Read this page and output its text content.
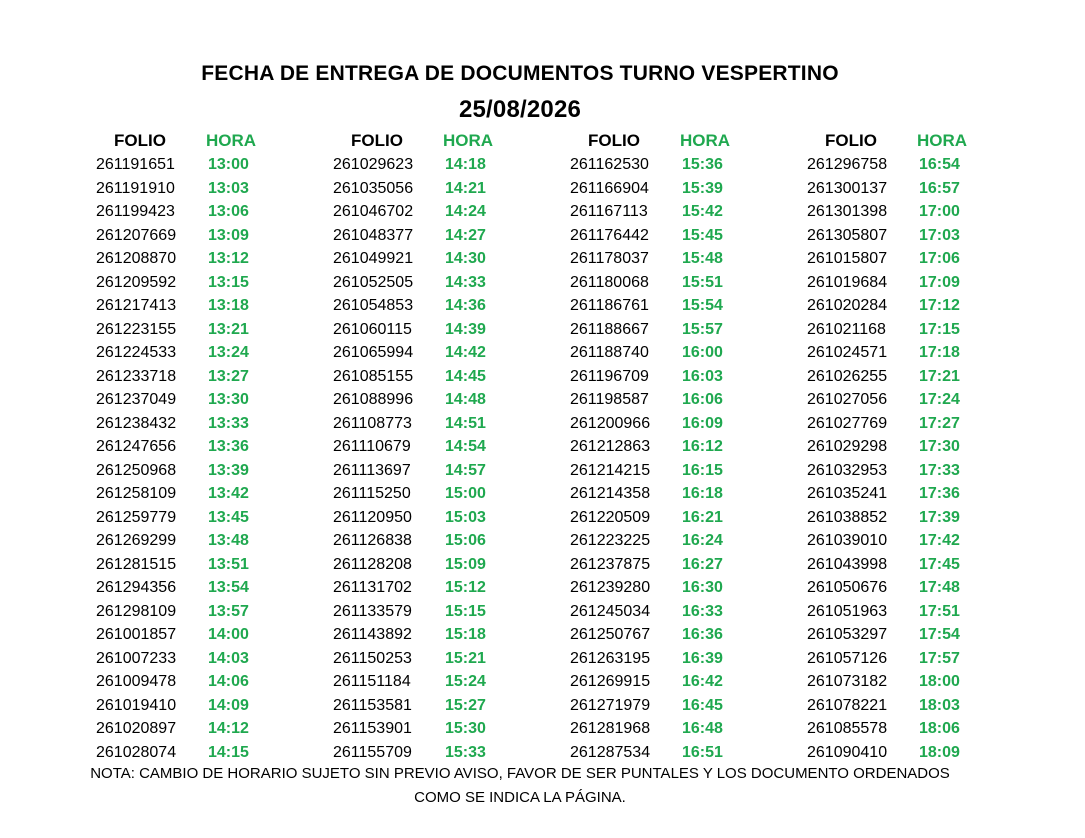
FECHA DE ENTREGA DE DOCUMENTOS TURNO VESPERTINO
25/08/2026
FOLIO HORA
261191651 13:00
261191910 13:03
261199423 13:06
261207669 13:09
261208870 13:12
261209592 13:15
261217413 13:18
261223155 13:21
261224533 13:24
261233718 13:27
261237049 13:30
261238432 13:33
261247656 13:36
261250968 13:39
261258109 13:42
261259779 13:45
261269299 13:48
261281515 13:51
261294356 13:54
261298109 13:57
261001857 14:00
261007233 14:03
261009478 14:06
261019410 14:09
261020897 14:12
261028074 14:15
FOLIO HORA
261029623 14:18
261035056 14:21
261046702 14:24
261048377 14:27
261049921 14:30
261052505 14:33
261054853 14:36
261060115 14:39
261065994 14:42
261085155 14:45
261088996 14:48
261108773 14:51
261110679 14:54
261113697 14:57
261115250 15:00
261120950 15:03
261126838 15:06
261128208 15:09
261131702 15:12
261133579 15:15
261143892 15:18
261150253 15:21
261151184 15:24
261153581 15:27
261153901 15:30
261155709 15:33
FOLIO HORA
261162530 15:36
261166904 15:39
261167113 15:42
261176442 15:45
261178037 15:48
261180068 15:51
261186761 15:54
261188667 15:57
261188740 16:00
261196709 16:03
261198587 16:06
261200966 16:09
261212863 16:12
261214215 16:15
261214358 16:18
261220509 16:21
261223225 16:24
261237875 16:27
261239280 16:30
261245034 16:33
261250767 16:36
261263195 16:39
261269915 16:42
261271979 16:45
261281968 16:48
261287534 16:51
FOLIO HORA
261296758 16:54
261300137 16:57
261301398 17:00
261305807 17:03
261015807 17:06
261019684 17:09
261020284 17:12
261021168 17:15
261024571 17:18
261026255 17:21
261027056 17:24
261027769 17:27
261029298 17:30
261032953 17:33
261035241 17:36
261038852 17:39
261039010 17:42
261043998 17:45
261050676 17:48
261051963 17:51
261053297 17:54
261057126 17:57
261073182 18:00
261078221 18:03
261085578 18:06
261090410 18:09
NOTA: CAMBIO DE HORARIO SUJETO SIN PREVIO AVISO, FAVOR DE SER PUNTALES Y LOS DOCUMENTO ORDENADOS
COMO SE INDICA LA PÁGINA.
